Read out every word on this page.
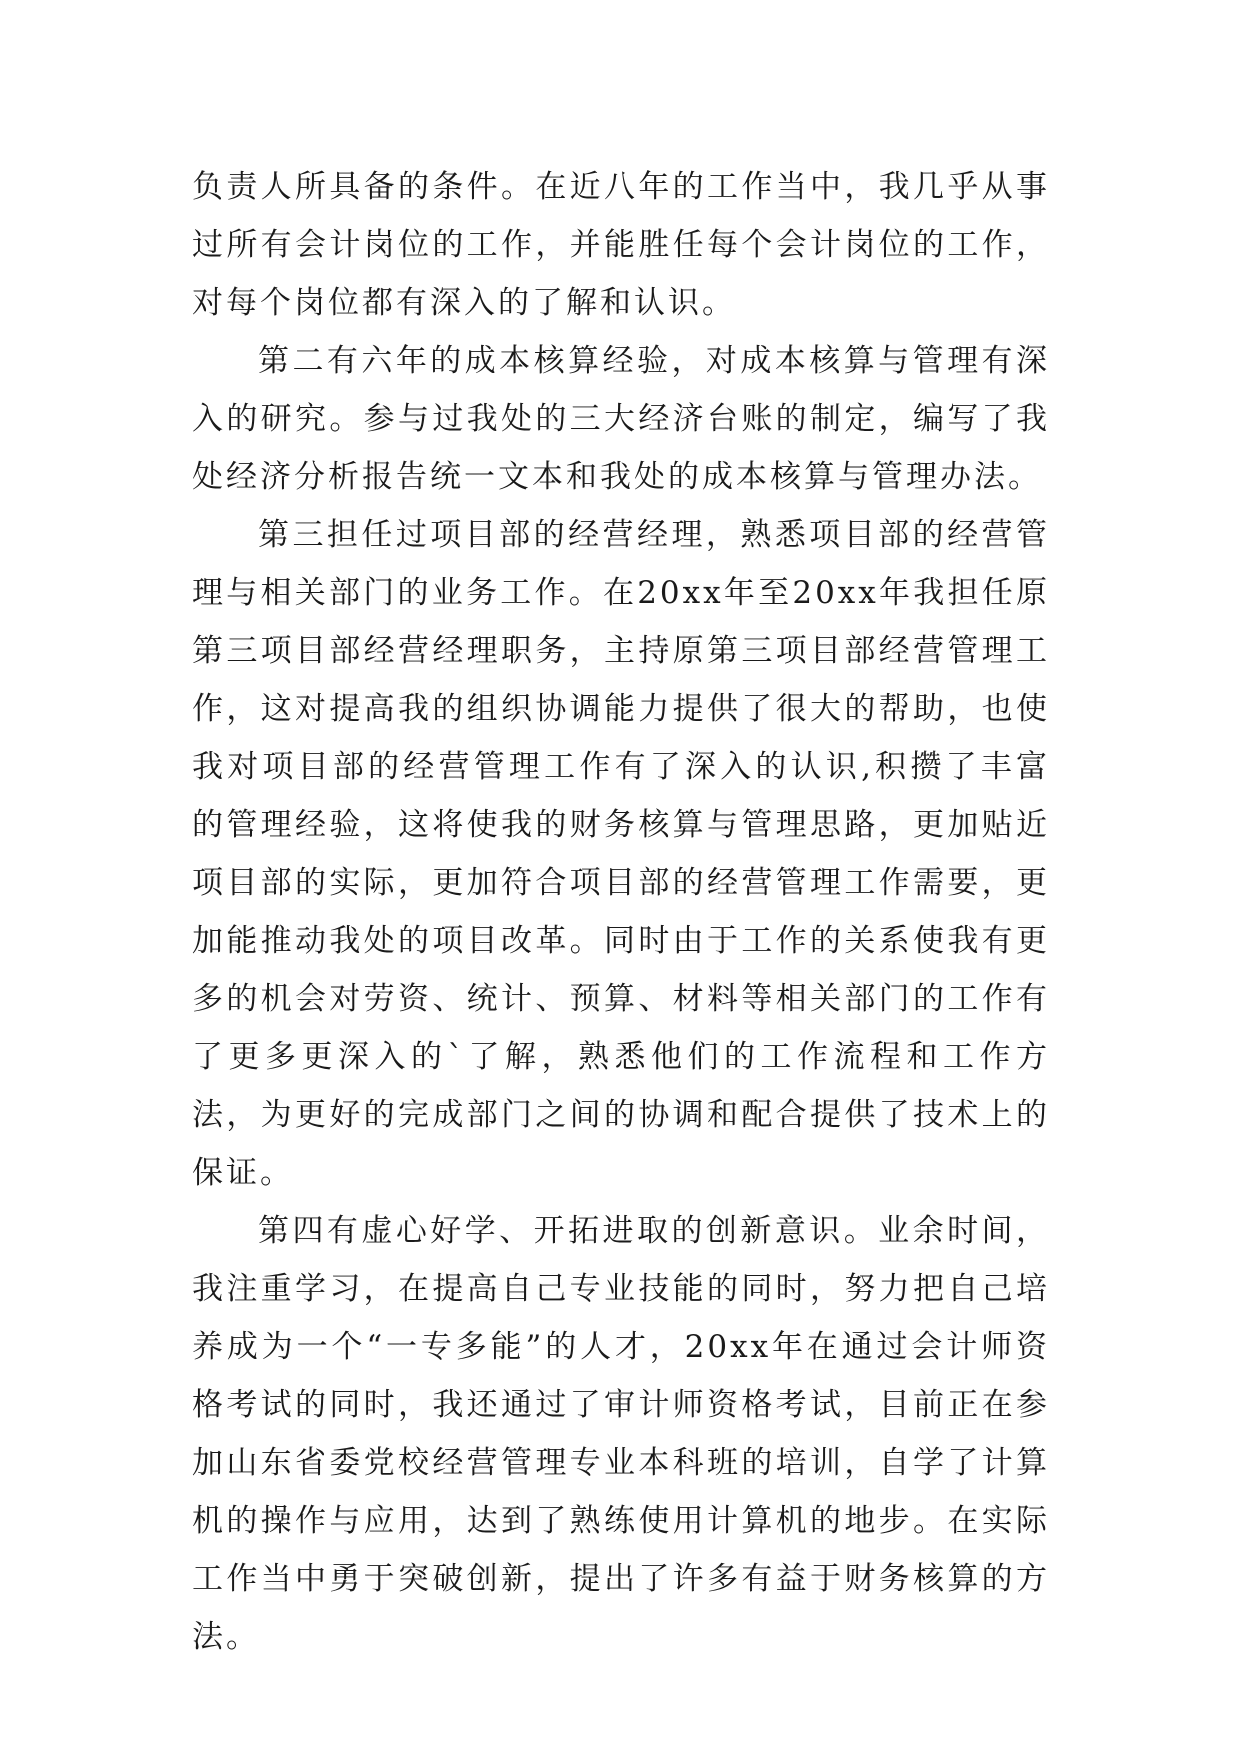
负责人所具备的条件。在近八年的工作当中，我几乎从事过所有会计岗位的工作，并能胜任每个会计岗位的工作，对每个岗位都有深入的了解和认识。

第二有六年的成本核算经验，对成本核算与管理有深入的研究。参与过我处的三大经济台账的制定，编写了我处经济分析报告统一文本和我处的成本核算与管理办法。

第三担任过项目部的经营经理，熟悉项目部的经营管理与相关部门的业务工作。在20xx年至20xx年我担任原第三项目部经营经理职务，主持原第三项目部经营管理工作，这对提高我的组织协调能力提供了很大的帮助，也使我对项目部的经营管理工作有了深入的认识,积攒了丰富的管理经验，这将使我的财务核算与管理思路，更加贴近项目部的实际，更加符合项目部的经营管理工作需要，更加能推动我处的项目改革。同时由于工作的关系使我有更多的机会对劳资、统计、预算、材料等相关部门的工作有了更多更深入的`了解，熟悉他们的工作流程和工作方法，为更好的完成部门之间的协调和配合提供了技术上的保证。

第四有虚心好学、开拓进取的创新意识。业余时间，我注重学习，在提高自己专业技能的同时，努力把自己培养成为一个“一专多能”的人才，20xx年在通过会计师资格考试的同时，我还通过了审计师资格考试，目前正在参加山东省委党校经营管理专业本科班的培训，自学了计算机的操作与应用，达到了熟练使用计算机的地步。在实际工作当中勇于突破创新，提出了许多有益于财务核算的方法。
